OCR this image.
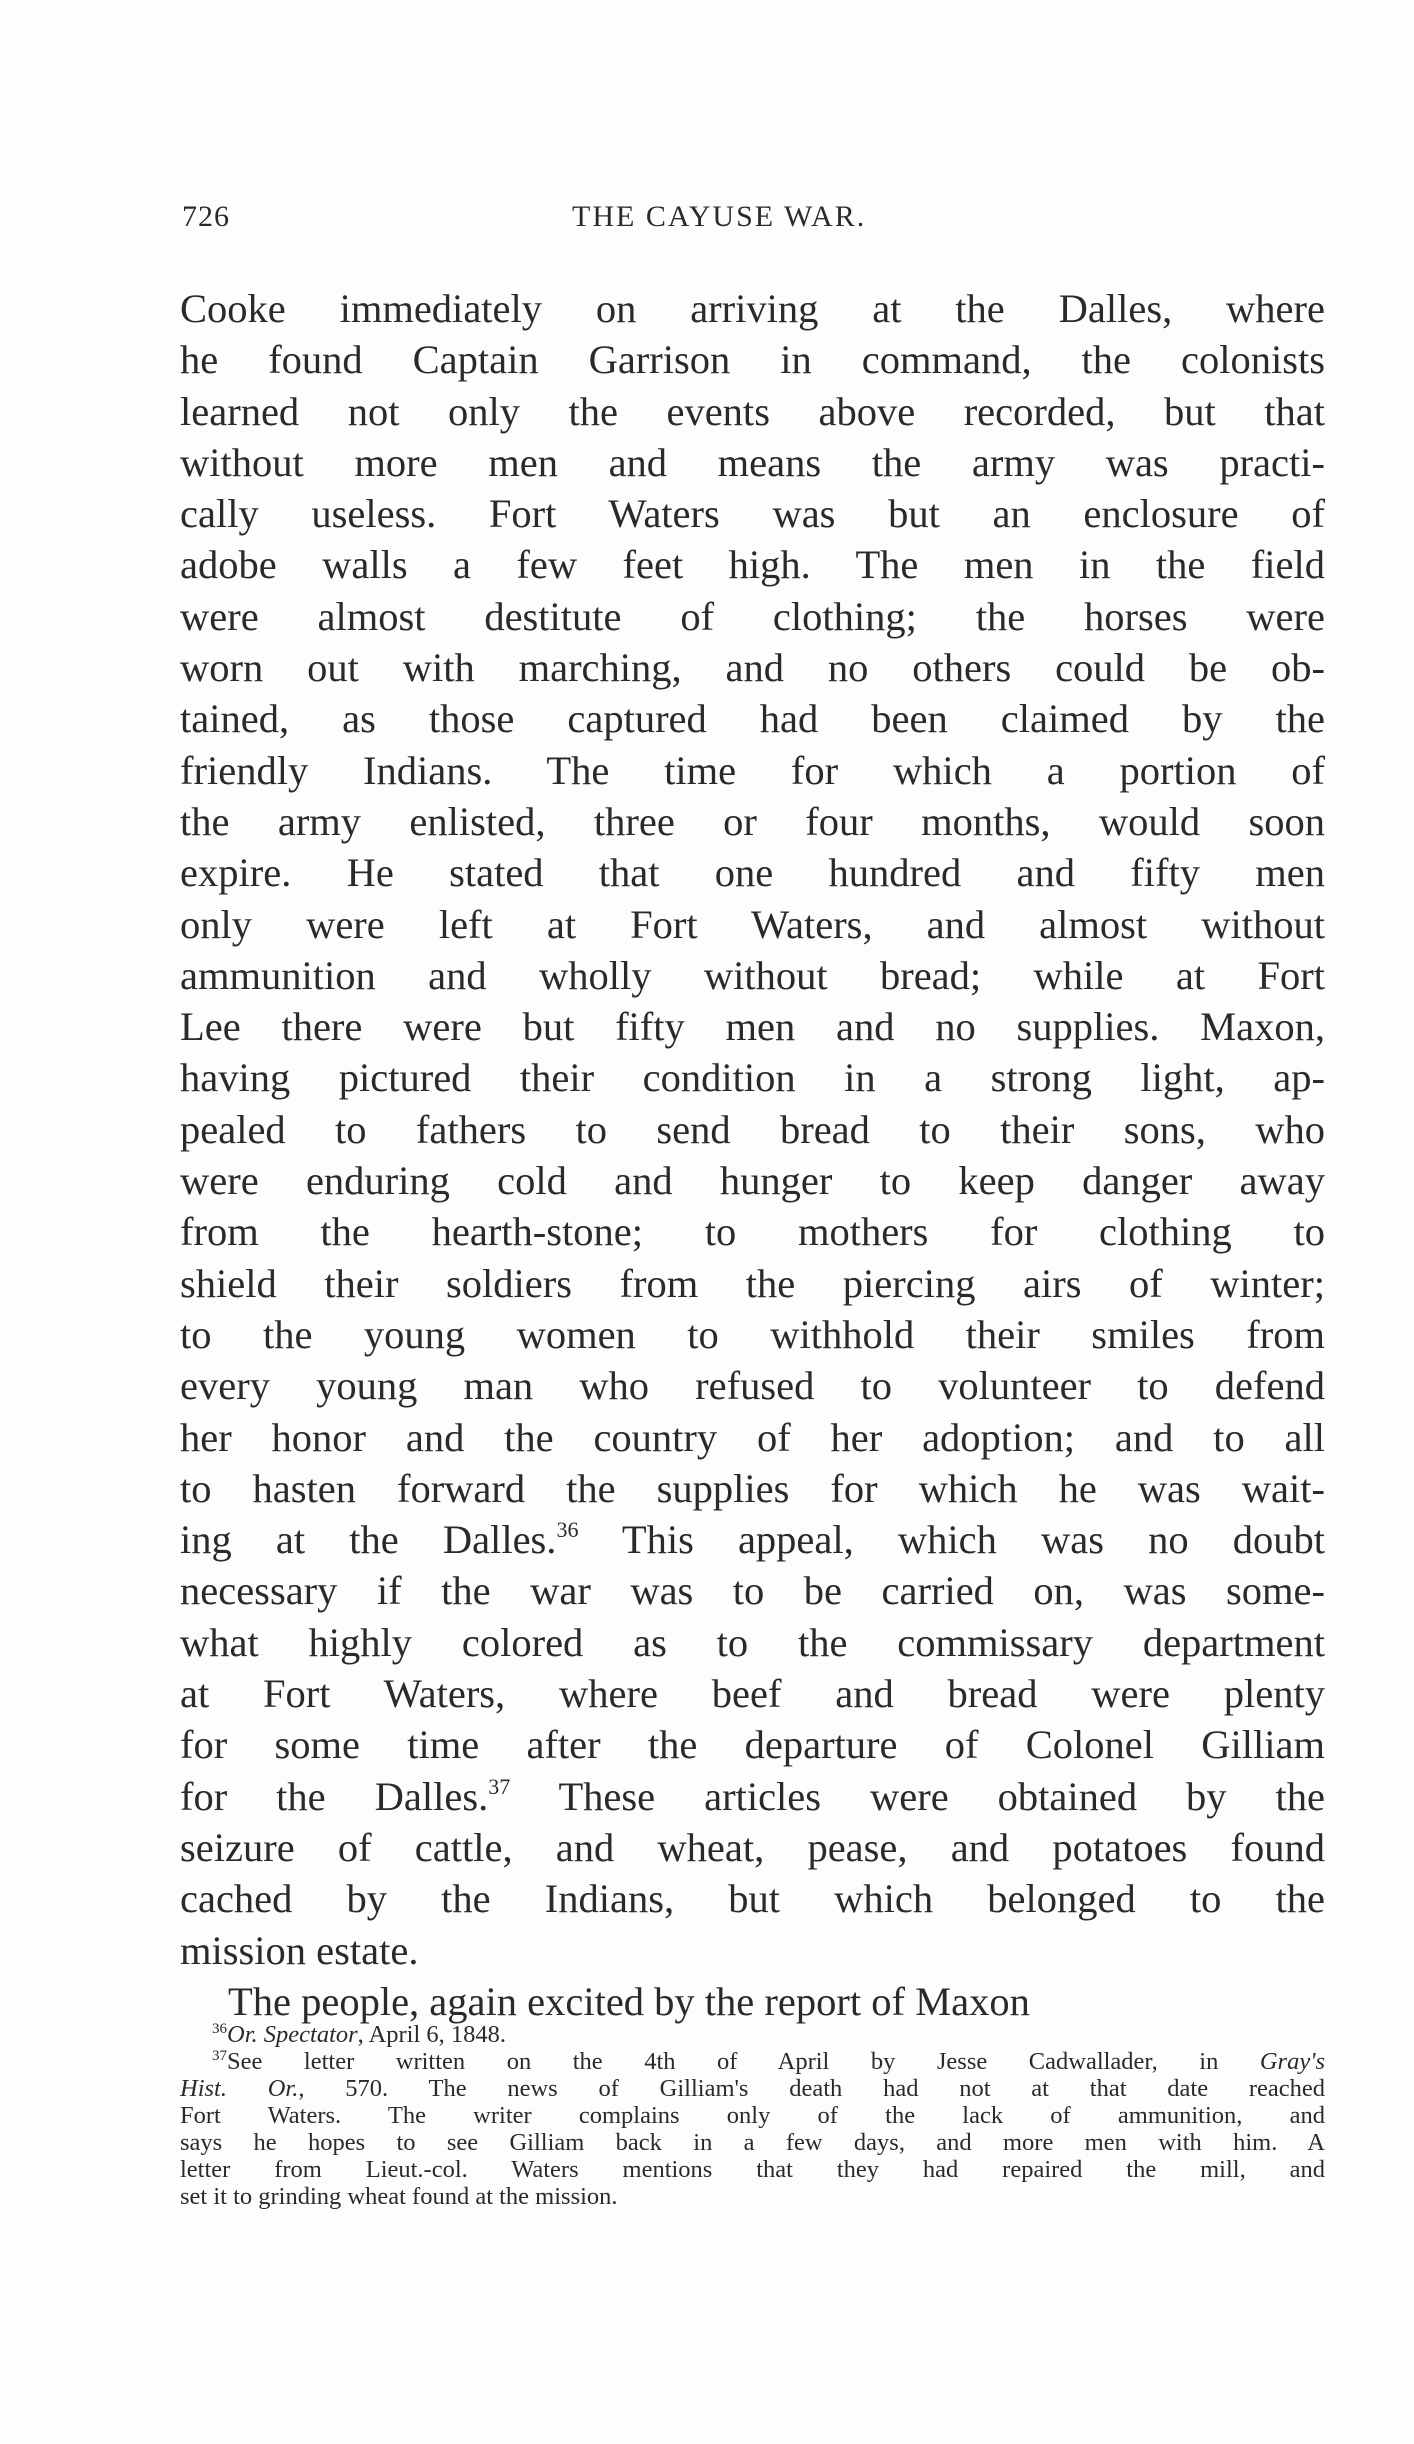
726	THE CAYUSE WAR.
Cooke immediately on arriving at the Dalles, where
he found Captain Garrison in command, the colonists
learned not only the events above recorded, but that
without more men and means the army was practi-
cally useless. Fort Waters was but an enclosure of
adobe walls a few feet high. The men in the field
were almost destitute of clothing; the horses were
worn out with marching, and no others could be ob-
tained, as those captured had been claimed by the
friendly Indians. The time for which a portion of
the army enlisted, three or four months, would soon
expire. He stated that one hundred and fifty men
only were left at Fort Waters, and almost without
ammunition and wholly without bread; while at Fort
Lee there were but fifty men and no supplies. Maxon,
having pictured their condition in a strong light, ap-
pealed to fathers to send bread to their sons, who
were enduring cold and hunger to keep danger away
from the hearth-stone; to mothers for clothing to
shield their soldiers from the piercing airs of winter;
to the young women to withhold their smiles from
every young man who refused to volunteer to defend
her honor and the country of her adoption; and to all
to hasten forward the supplies for which he was wait-
ing at the Dalles.$^{36}$ This appeal, which was no doubt
necessary if the war was to be carried on, was some-
what highly colored as to the commissary department
at Fort Waters, where beef and bread were plenty
for some time after the departure of Colonel Gilliam
for the Dalles.$^{37}$ These articles were obtained by the
seizure of cattle, and wheat, pease, and potatoes found
cached by the Indians, but which belonged to the
mission estate.
The people, again excited by the report of Maxon
$^{36}$Or. Spectator, April 6, 1848.
$^{37}$See letter written on the 4th of April by Jesse Cadwallader, in Gray's
Hist. Or., 570. The news of Gilliam's death had not at that date reached
Fort Waters. The writer complains only of the lack of ammunition, and
says he hopes to see Gilliam back in a few days, and more men with him. A
letter from Lieut.-col. Waters mentions that they had repaired the mill, and
set it to grinding wheat found at the mission.
